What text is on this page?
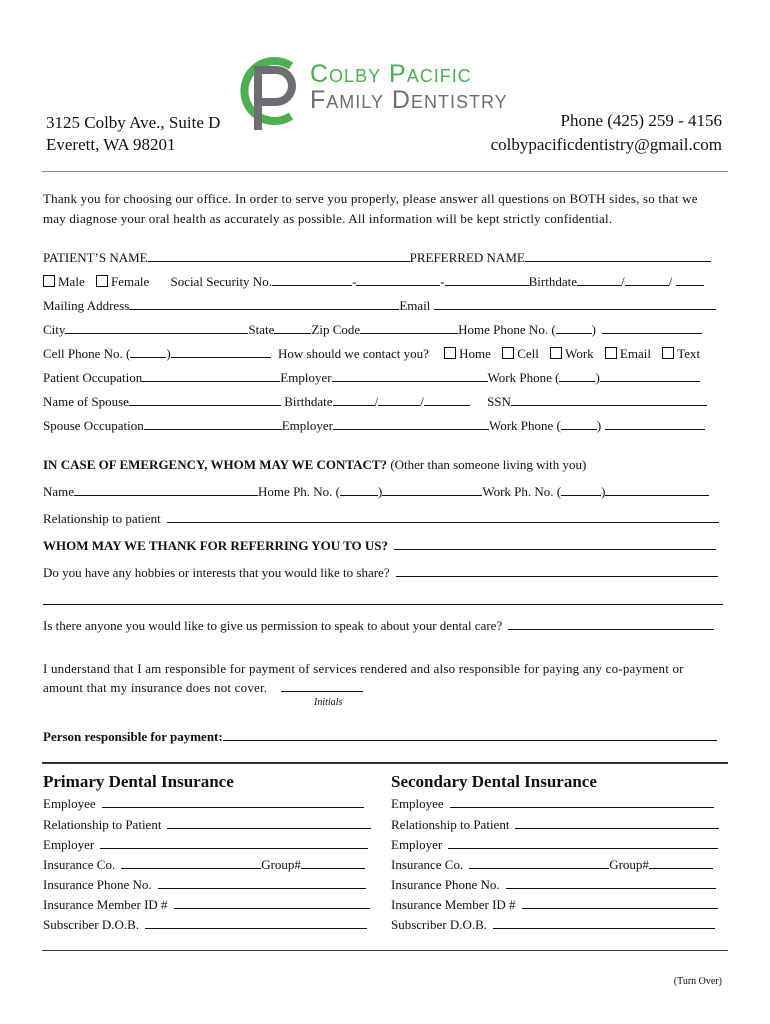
Colby Pacific
Family Dentistry
3125 Colby Ave., Suite D
Everett, WA 98201
Phone (425) 259 - 4156
colbypacificdentistry@gmail.com
Thank you for choosing our office. In order to serve you properly, please answer all questions on BOTH sides, so that we may diagnose your oral health as accurately as possible. All information will be kept strictly confidential.
PATIENT’S NAME	PREFERRED NAME
Male Female Social Security No.	-	-	Birthdate	/	/
Mailing Address	Email
City	State	Zip Code	Home Phone No. (	)
Cell Phone No. (	)	How should we contact you? Home Cell Work Email Text
Patient Occupation	Employer	Work Phone (	)
Name of Spouse	Birthdate	/	/	SSN
Spouse Occupation	Employer	Work Phone (	)
IN CASE OF EMERGENCY, WHOM MAY WE CONTACT? (Other than someone living with you)
Name	Home Ph. No. (	)	Work Ph. No. (	)
Relationship to patient
WHOM MAY WE THANK FOR REFERRING YOU TO US?
Do you have any hobbies or interests that you would like to share?
Is there anyone you would like to give us permission to speak to about your dental care?
I understand that I am responsible for payment of services rendered and also responsible for paying any co-payment or
amount that my insurance does not cover.
Initials
Person responsible for payment:
Primary Dental Insurance	Secondary Dental Insurance
Employee
Relationship to Patient
Employer
Insurance Co.	Group#
Insurance Phone No.
Insurance Member ID #
Subscriber D.O.B.
Employee
Relationship to Patient
Employer
Insurance Co.	Group#
Insurance Phone No.
Insurance Member ID #
Subscriber D.O.B.
(Turn Over)
